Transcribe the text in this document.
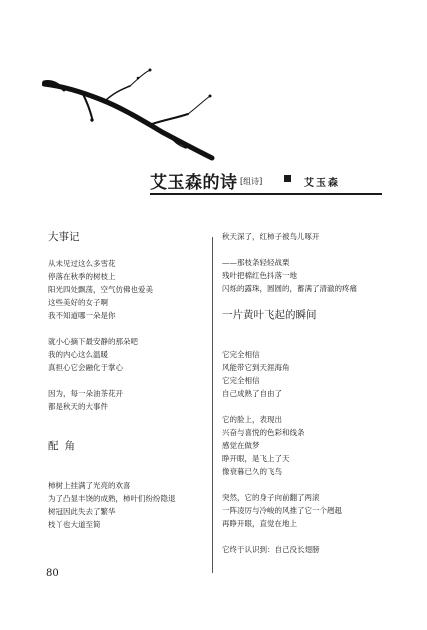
艾玉森的诗 [组诗]	艾玉森

大事记

从未见过这么多雪花

停落在秋季的树枝上

阳光四处飘荡，空气仿佛也爱美

这些美好的女子啊

我不知道哪一朵是你

就小心摘下最安静的那朵吧

我的内心这么温暖

真担心它会融化于掌心

因为，每一朵油茶花开

都是秋天的大事件

配角

柿树上挂满了光亮的欢喜

为了凸显丰饶的成熟，柿叶们纷纷隐退

树冠因此失去了繁华

枝丫也大道至简

秋天深了，红柿子被鸟儿啄开

——那枝条轻轻战栗

残叶把棉红色抖落一地

闪烁的露珠，圆圆的，蓄满了清澈的疼痛

一片黄叶飞起的瞬间

它完全相信

风能带它到天涯海角

它完全相信

自己成熟了自由了

它的脸上，表现出

兴奋与喜悦的色彩和线条

感觉在做梦

睁开眼，是飞上了天

像衰暮已久的飞鸟

突然，它的身子向前翻了两滚

一阵凌厉与冷峻的风推了它一个趔趄

再睁开眼，直觉在地上

它终于认识到：自己没长翅膀

80
